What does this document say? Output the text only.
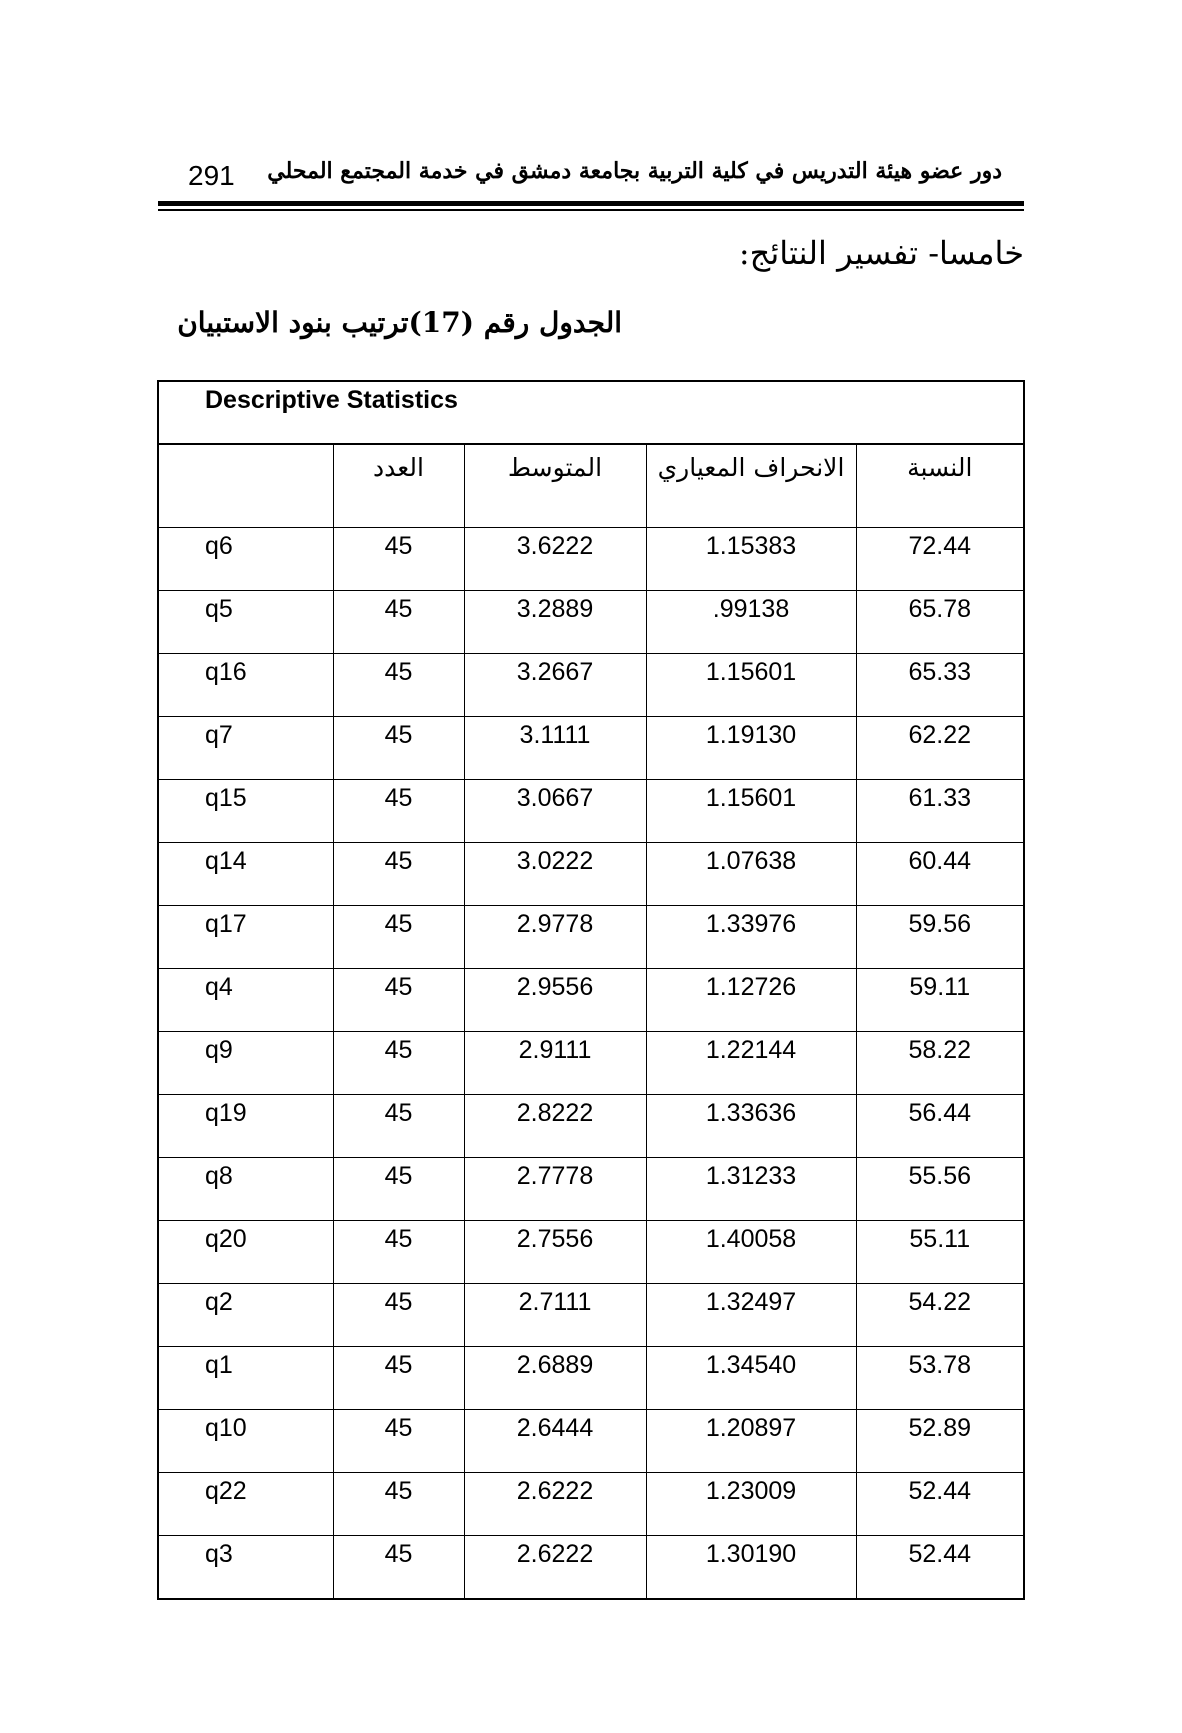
291 دور عضو هيئة التدريس في كلية التربية بجامعة دمشق في خدمة المجتمع المحلي
خامسا- تفسير النتائج:
الجدول رقم (17)ترتيب بنود الاستبيان
Descriptive Statistics
	العدد	المتوسط	الانحراف المعياري	النسبة
q6	45	3.6222	1.15383	72.44
q5	45	3.2889	.99138	65.78
q16	45	3.2667	1.15601	65.33
q7	45	3.1111	1.19130	62.22
q15	45	3.0667	1.15601	61.33
q14	45	3.0222	1.07638	60.44
q17	45	2.9778	1.33976	59.56
q4	45	2.9556	1.12726	59.11
q9	45	2.9111	1.22144	58.22
q19	45	2.8222	1.33636	56.44
q8	45	2.7778	1.31233	55.56
q20	45	2.7556	1.40058	55.11
q2	45	2.7111	1.32497	54.22
q1	45	2.6889	1.34540	53.78
q10	45	2.6444	1.20897	52.89
q22	45	2.6222	1.23009	52.44
q3	45	2.6222	1.30190	52.44
